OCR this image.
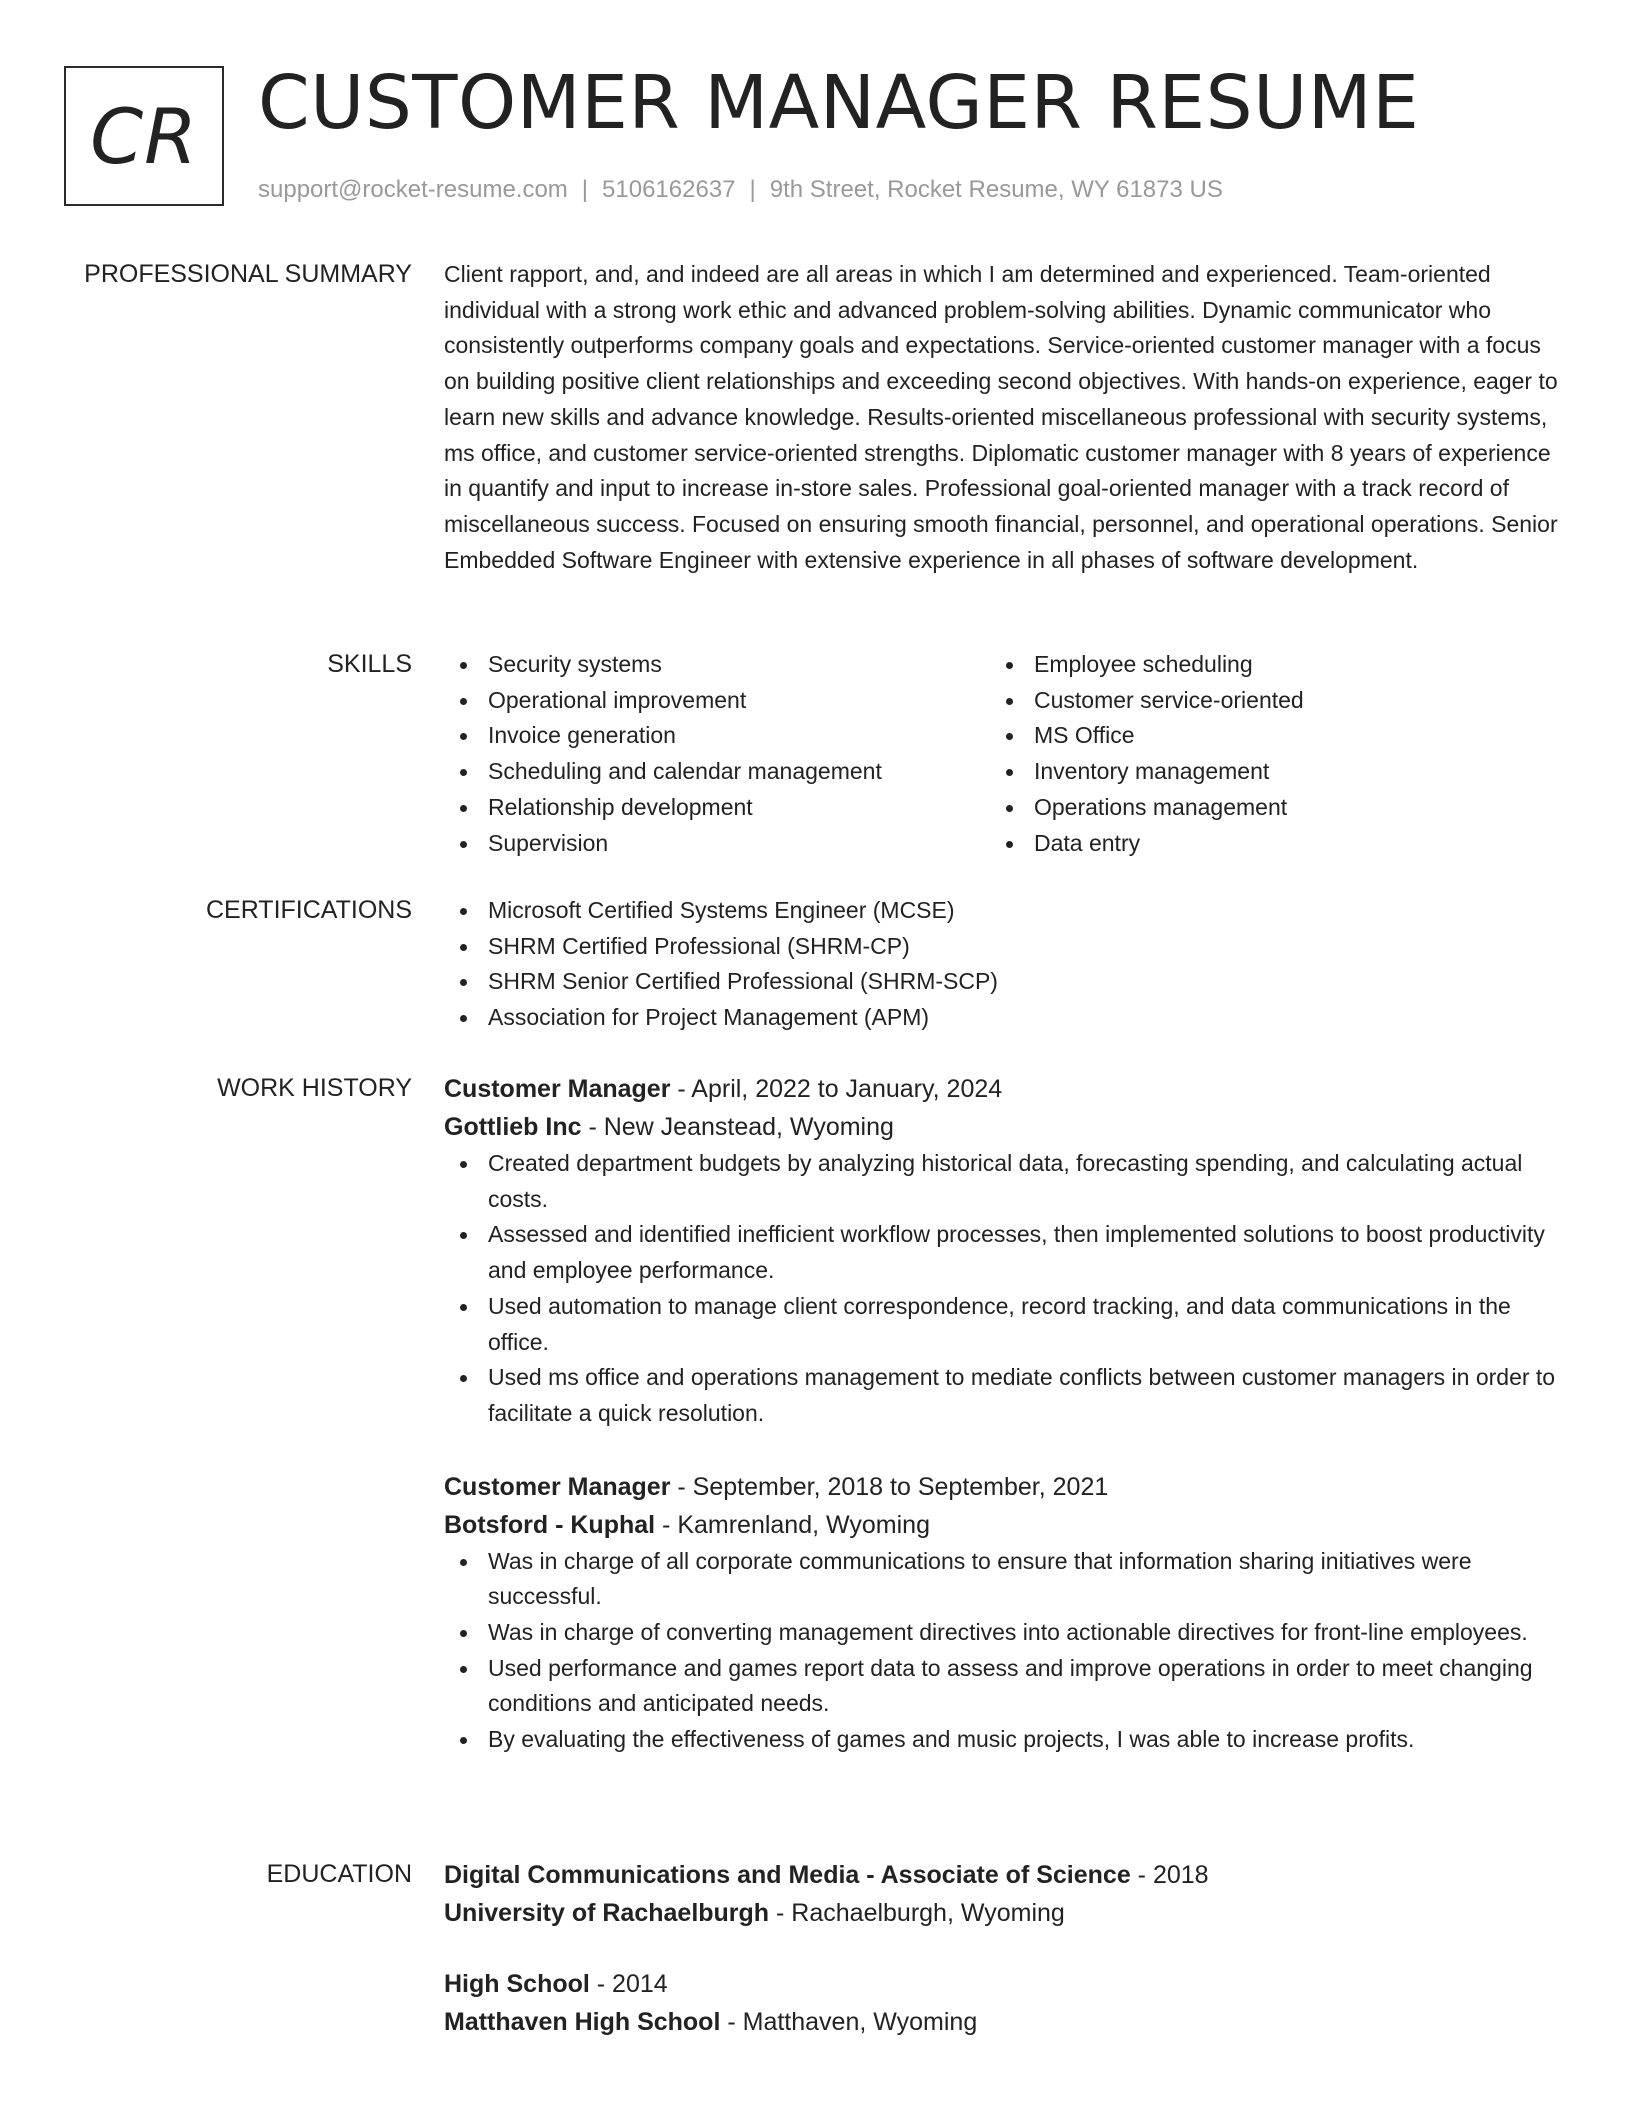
CR CUSTOMER MANAGER RESUME
support@rocket-resume.com | 5106162637 | 9th Street, Rocket Resume, WY 61873 US
PROFESSIONAL SUMMARY Client rapport, and, and indeed are all areas in which I am determined and experienced. Team-oriented individual with a strong work ethic and advanced problem-solving abilities. Dynamic communicator who consistently outperforms company goals and expectations. Service-oriented customer manager with a focus on building positive client relationships and exceeding second objectives. With hands-on experience, eager to learn new skills and advance knowledge. Results-oriented miscellaneous professional with security systems, ms office, and customer service-oriented strengths. Diplomatic customer manager with 8 years of experience in quantify and input to increase in-store sales. Professional goal-oriented manager with a track record of miscellaneous success. Focused on ensuring smooth financial, personnel, and operational operations. Senior Embedded Software Engineer with extensive experience in all phases of software development.

SKILLS	Security systems
Operational improvement
Invoice generation
Scheduling and calendar management
Relationship development
Supervision
Employee scheduling
Customer service-oriented
MS Office
Inventory management
Operations management
Data entry
CERTIFICATIONS	Microsoft Certified Systems Engineer (MCSE)
SHRM Certified Professional (SHRM-CP)
SHRM Senior Certified Professional (SHRM-SCP)
Association for Project Management (APM)
WORK HISTORY Customer Manager - April, 2022 to January, 2024
Gottlieb Inc - New Jeanstead, Wyoming
Created department budgets by analyzing historical data, forecasting spending, and calculating actual costs.
Assessed and identified inefficient workflow processes, then implemented solutions to boost productivity and employee performance.
Used automation to manage client correspondence, record tracking, and data communications in the office.
Used ms office and operations management to mediate conflicts between customer managers in order to facilitate a quick resolution.
Customer Manager - September, 2018 to September, 2021
Botsford - Kuphal - Kamrenland, Wyoming
Was in charge of all corporate communications to ensure that information sharing initiatives were successful.
Was in charge of converting management directives into actionable directives for front-line employees.
Used performance and games report data to assess and improve operations in order to meet changing conditions and anticipated needs.
By evaluating the effectiveness of games and music projects, I was able to increase profits.
EDUCATION Digital Communications and Media - Associate of Science - 2018
University of Rachaelburgh - Rachaelburgh, Wyoming
High School - 2014
Matthaven High School - Matthaven, Wyoming
